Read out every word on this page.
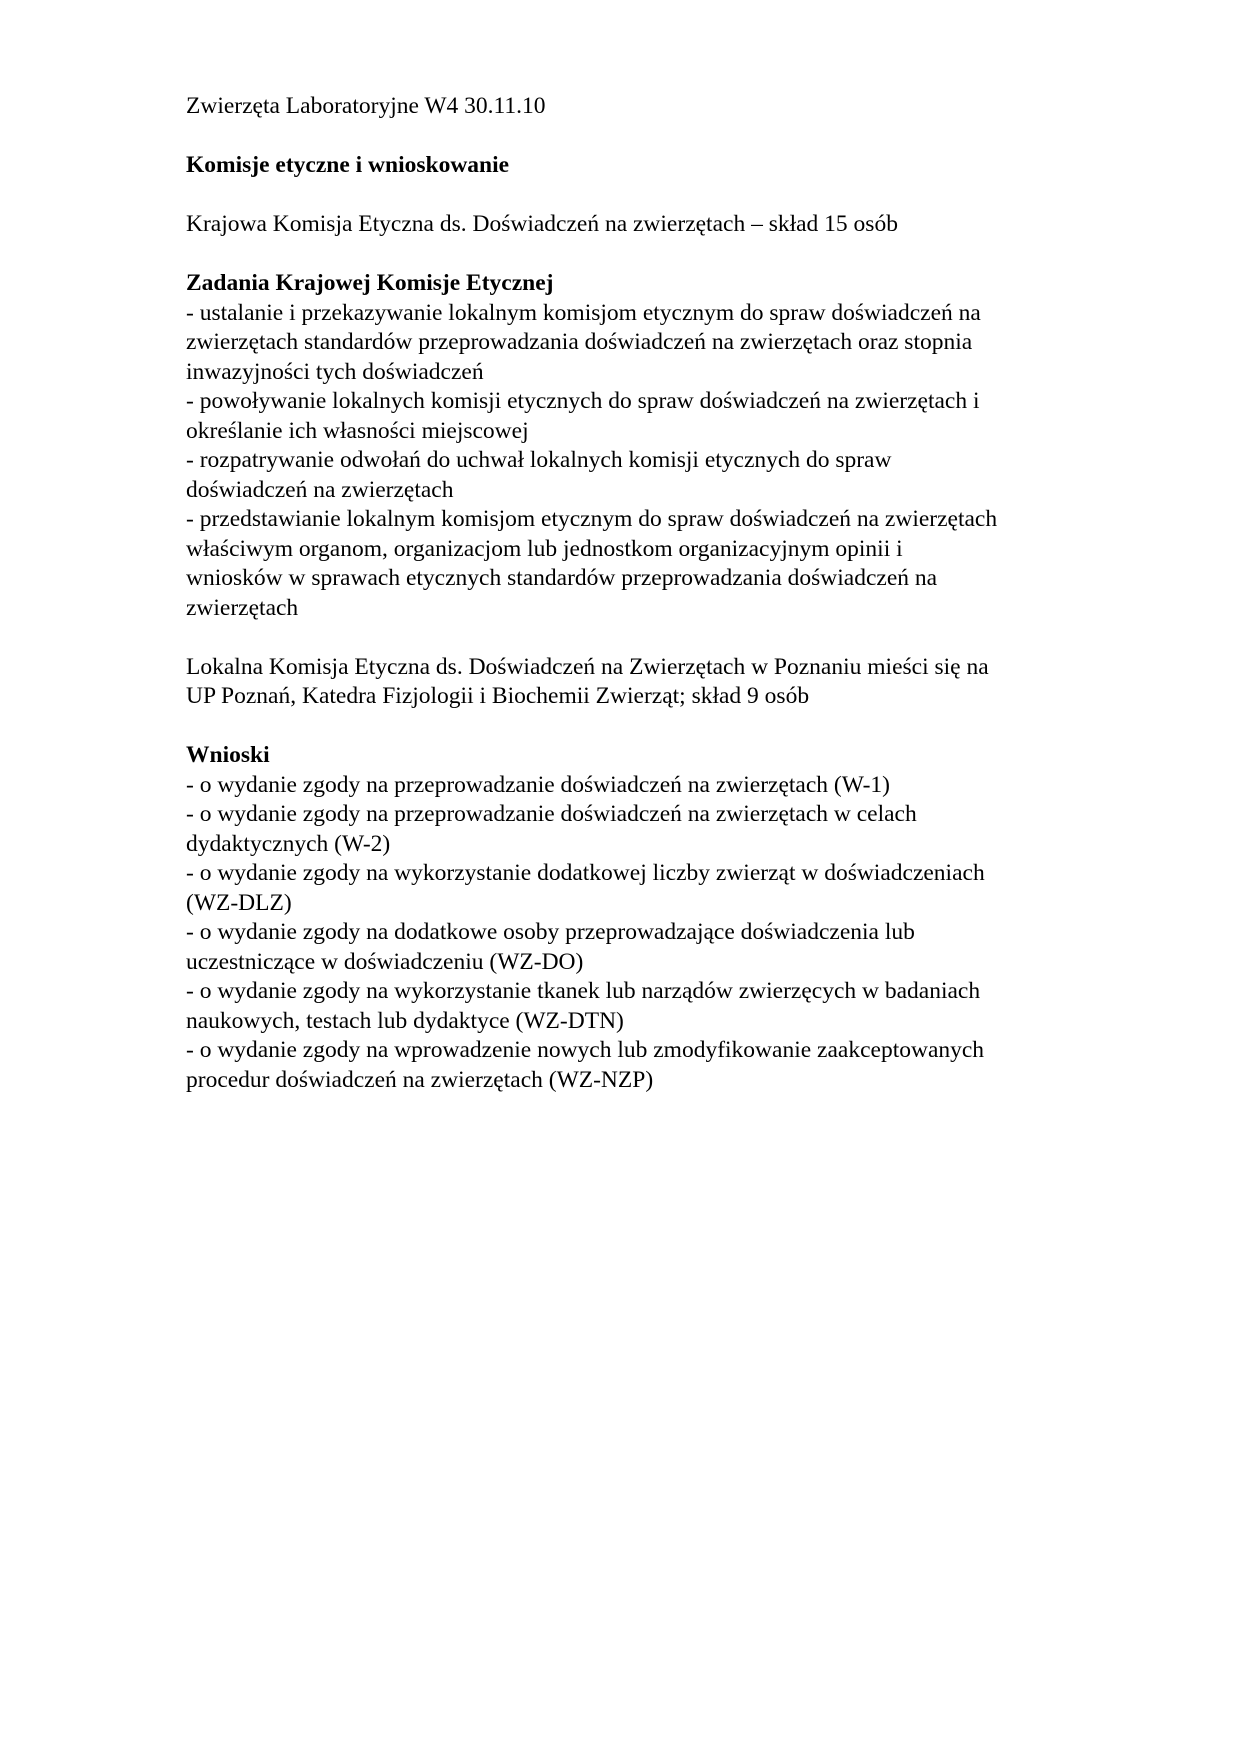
Zwierzęta Laboratoryjne W4 30.11.10
Komisje etyczne i wnioskowanie
Krajowa Komisja Etyczna ds. Doświadczeń na zwierzętach – skład 15 osób
Zadania Krajowej Komisje Etycznej
- ustalanie i przekazywanie lokalnym komisjom etycznym do spraw doświadczeń na
zwierzętach standardów przeprowadzania doświadczeń na zwierzętach oraz stopnia
inwazyjności tych doświadczeń
- powoływanie lokalnych komisji etycznych do spraw doświadczeń na zwierzętach i
określanie ich własności miejscowej
- rozpatrywanie odwołań do uchwał lokalnych komisji etycznych do spraw
doświadczeń na zwierzętach
- przedstawianie lokalnym komisjom etycznym do spraw doświadczeń na zwierzętach
właściwym organom, organizacjom lub jednostkom organizacyjnym opinii i
wniosków w sprawach etycznych standardów przeprowadzania doświadczeń na
zwierzętach
Lokalna Komisja Etyczna ds. Doświadczeń na Zwierzętach w Poznaniu mieści się na
UP Poznań, Katedra Fizjologii i Biochemii Zwierząt; skład 9 osób
Wnioski
- o wydanie zgody na przeprowadzanie doświadczeń na zwierzętach (W-1)
- o wydanie zgody na przeprowadzanie doświadczeń na zwierzętach w celach
dydaktycznych (W-2)
- o wydanie zgody na wykorzystanie dodatkowej liczby zwierząt w doświadczeniach
(WZ-DLZ)
- o wydanie zgody na dodatkowe osoby przeprowadzające doświadczenia lub
uczestniczące w doświadczeniu (WZ-DO)
- o wydanie zgody na wykorzystanie tkanek lub narządów zwierzęcych w badaniach
naukowych, testach lub dydaktyce (WZ-DTN)
- o wydanie zgody na wprowadzenie nowych lub zmodyfikowanie zaakceptowanych
procedur doświadczeń na zwierzętach (WZ-NZP)
